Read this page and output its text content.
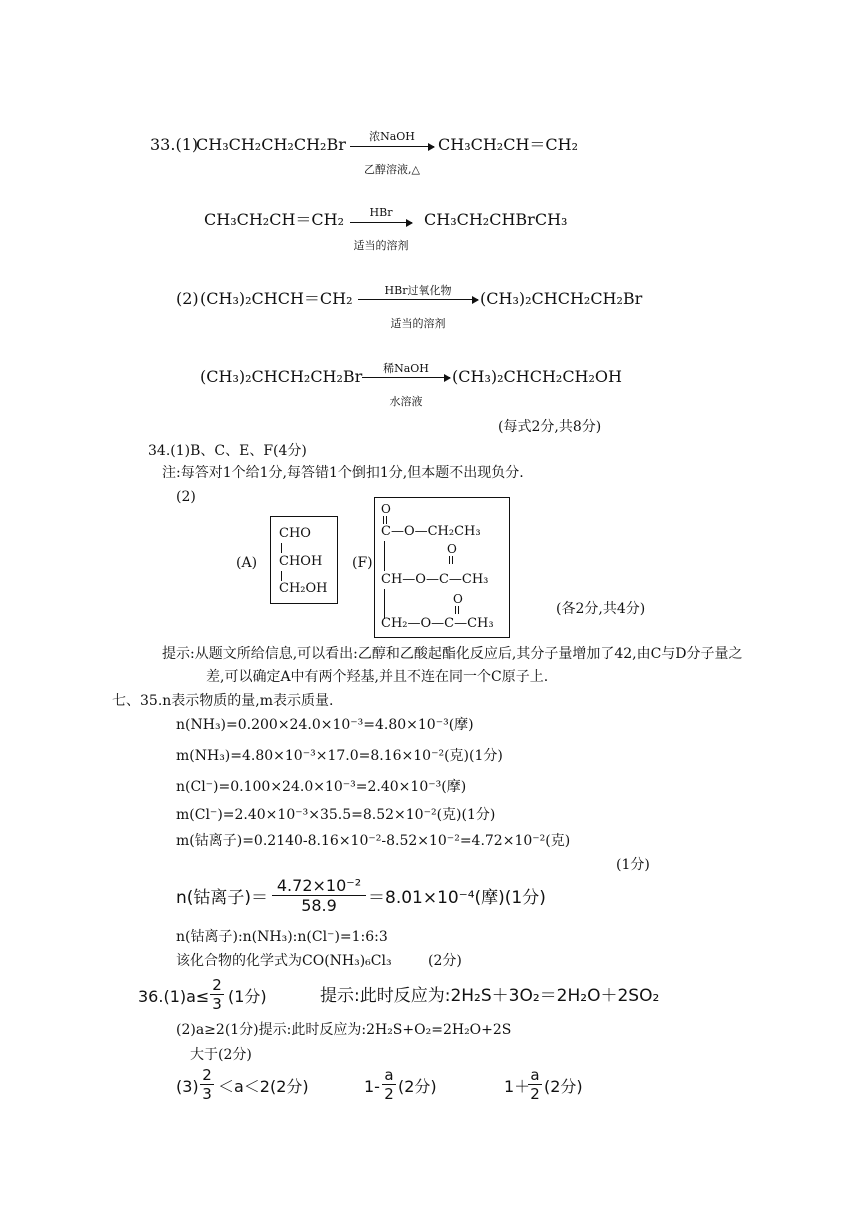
33.(1)
CH₃CH₂CH₂CH₂Br	浓NaOH
乙醇溶液,△
CH₃CH₂CH＝CH₂
CH₃CH₂CH＝CH₂	HBr
适当的溶剂
CH₃CH₂CHBrCH₃
(2) (CH₃)₂CHCH＝CH₂	HBr过氧化物
适当的溶剂
(CH₃)₂CHCH₂CH₂Br
(CH₃)₂CHCH₂CH₂Br	稀NaOH
水溶液
(CH₃)₂CHCH₂CH₂OH
(每式2分,共8分)
34.(1)B、C、E、F(4分)
注:每答对1个给1分,每答错1个倒扣1分,但本题不出现负分.
(2)
(A)
CHO
CHOH
CH₂OH
(F)
O
C—O—CH₂CH₃
O
CH—O—C—CH₃
O
CH₂—O—C—CH₃
(各2分,共4分)
提示:从题文所给信息,可以看出:乙醇和乙酸起酯化反应后,其分子量增加了42,由C与D分子量之
差,可以确定A中有两个羟基,并且不连在同一个C原子上.
七、35.n表示物质的量,m表示质量.
n(NH₃)=0.200×24.0×10⁻³=4.80×10⁻³(摩)
m(NH₃)=4.80×10⁻³×17.0=8.16×10⁻²(克)(1分)
n(Cl⁻)=0.100×24.0×10⁻³=2.40×10⁻³(摩)
m(Cl⁻)=2.40×10⁻³×35.5=8.52×10⁻²(克)(1分)
m(钴离子)=0.2140-8.16×10⁻²-8.52×10⁻²=4.72×10⁻²(克)
(1分)
n(钴离子)＝ $\frac{\text{4.72×10⁻²}}{58.9} =8.01\times 10^{-4}$(摩)(1分)
n(钴离子):n(NH₃):n(Cl⁻)=1:6:3
该化合物的化学式为CO(NH₃)₆Cl₃	(2分)
$36.(1)a\le \frac{2}{3} (1$分)	提示:此时反应为:2H₂S＋3O₂＝2H₂O＋2SO₂
(2)a≥2(1分)提示:此时反应为:2H₂S+O₂=2H₂O+2S
大于(2分)
$(3) \frac{2}{3} <a<2(2$分)	$1- \frac{a}{2} (2$分)	1＋
$\frac{a}{2} (2$分)
